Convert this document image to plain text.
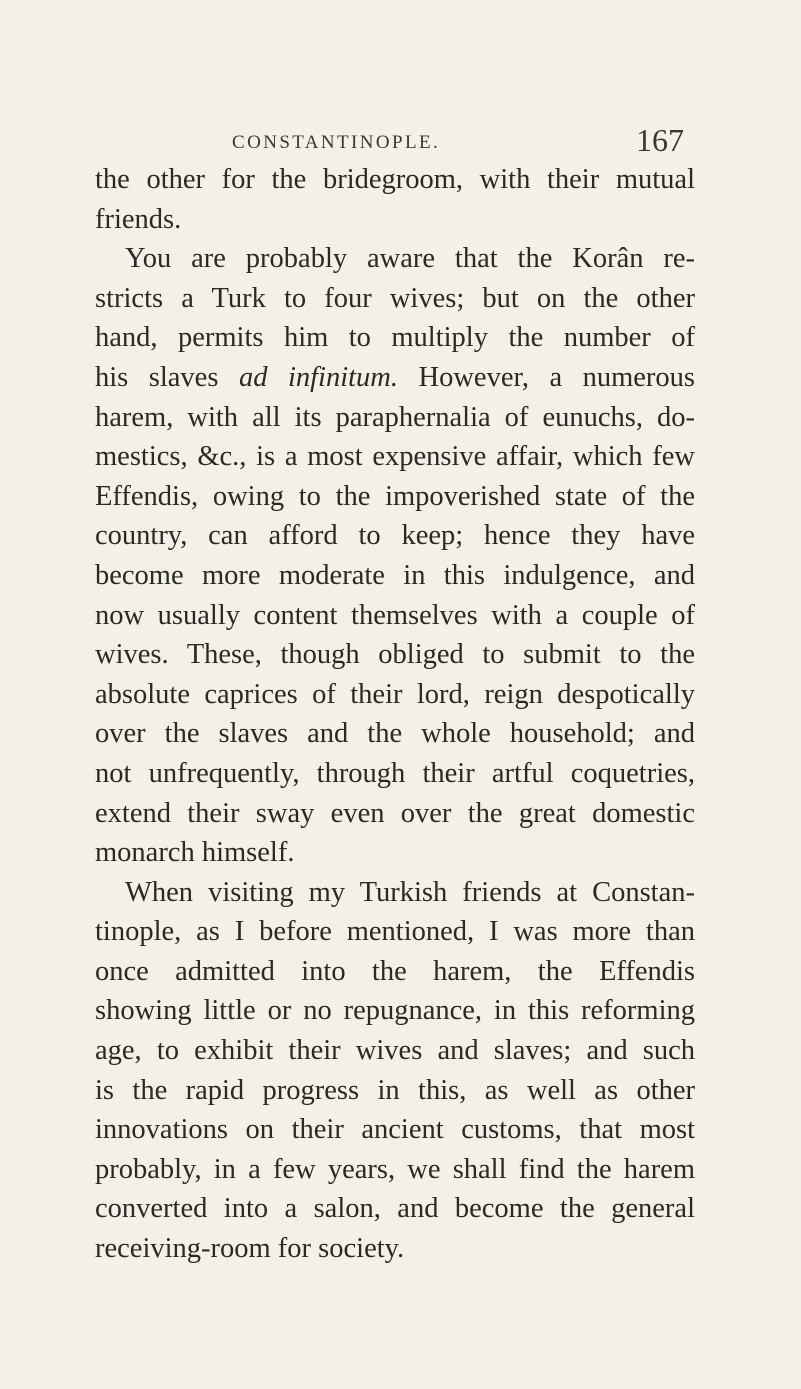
CONSTANTINOPLE.	167
the other for the bridegroom, with their mutual
friends.
You are probably aware that the Korân re-
stricts a Turk to four wives; but on the other
hand, permits him to multiply the number of
his slaves ad infinitum. However, a numerous
harem, with all its paraphernalia of eunuchs, do-
mestics, &c., is a most expensive affair, which few
Effendis, owing to the impoverished state of the
country, can afford to keep; hence they have
become more moderate in this indulgence, and
now usually content themselves with a couple of
wives. These, though obliged to submit to the
absolute caprices of their lord, reign despotically
over the slaves and the whole household; and
not unfrequently, through their artful coquetries,
extend their sway even over the great domestic
monarch himself.
When visiting my Turkish friends at Constan-
tinople, as I before mentioned, I was more than
once admitted into the harem, the Effendis
showing little or no repugnance, in this reforming
age, to exhibit their wives and slaves; and such
is the rapid progress in this, as well as other
innovations on their ancient customs, that most
probably, in a few years, we shall find the harem
converted into a salon, and become the general
receiving-room for society.
